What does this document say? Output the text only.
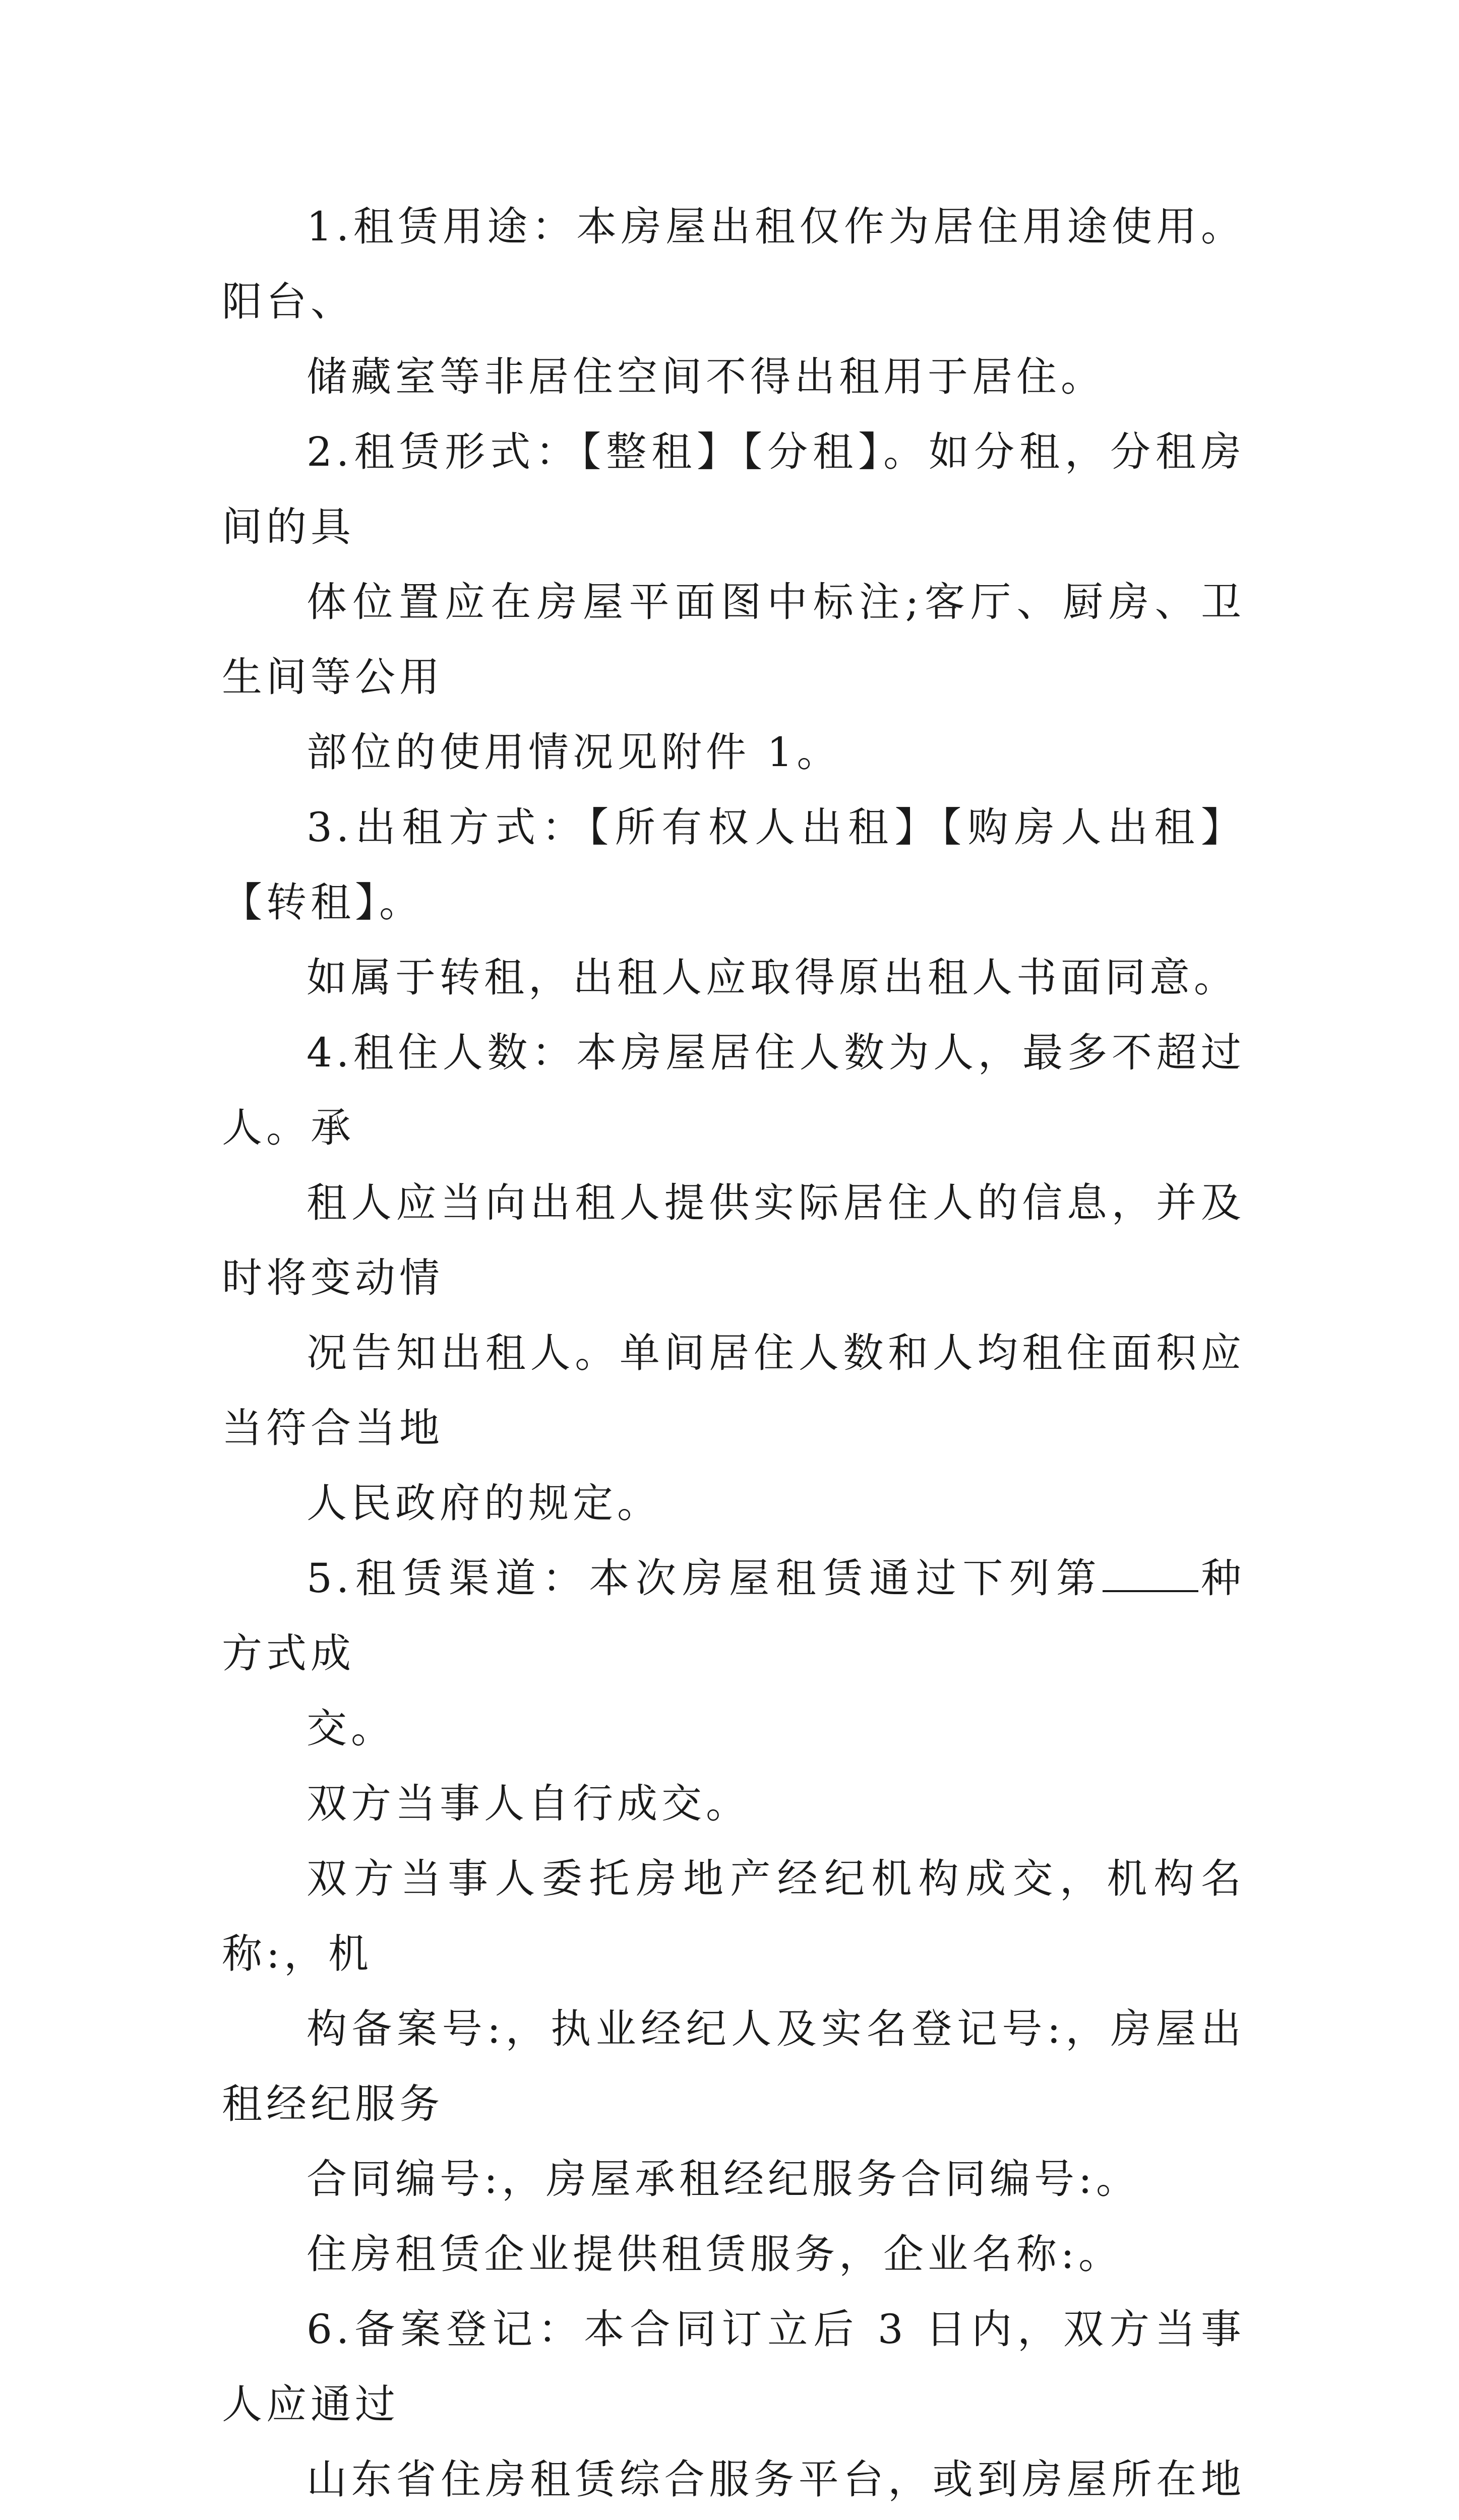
1.租赁用途：本房屋出租仅作为居住用途使用。阳台、
储藏室等非居住空间不得出租用于居住。

2.租赁形式：【整租】【分租】。如分租，分租房间的具
体位置应在房屋平面图中标注;客厅、厨房、卫生间等公用
部位的使用情况见附件 1。

3.出租方式：【所有权人出租】【购房人出租】【转租】。
如属于转租，出租人应取得原出租人书面同意。

4.租住人数：本房屋居住人数为人，最多不超过人。承
租人应当向出租人提供实际居住人的信息，并及时将变动情
况告知出租人。单间居住人数和人均租住面积应当符合当地
人民政府的规定。

5.租赁渠道：本次房屋租赁通过下列第 种方式成
交。

双方当事人自行成交。

双方当事人委托房地产经纪机构成交，机构名称:，机
构备案号:，执业经纪人及实名登记号:，房屋出租经纪服务
合同编号:，房屋承租经纪服务合同编号:。

住房租赁企业提供租赁服务，企业名称:。

6.备案登记：本合同订立后 3 日内，双方当事人应通过
山东省住房租赁综合服务平台，或到房屋所在地
